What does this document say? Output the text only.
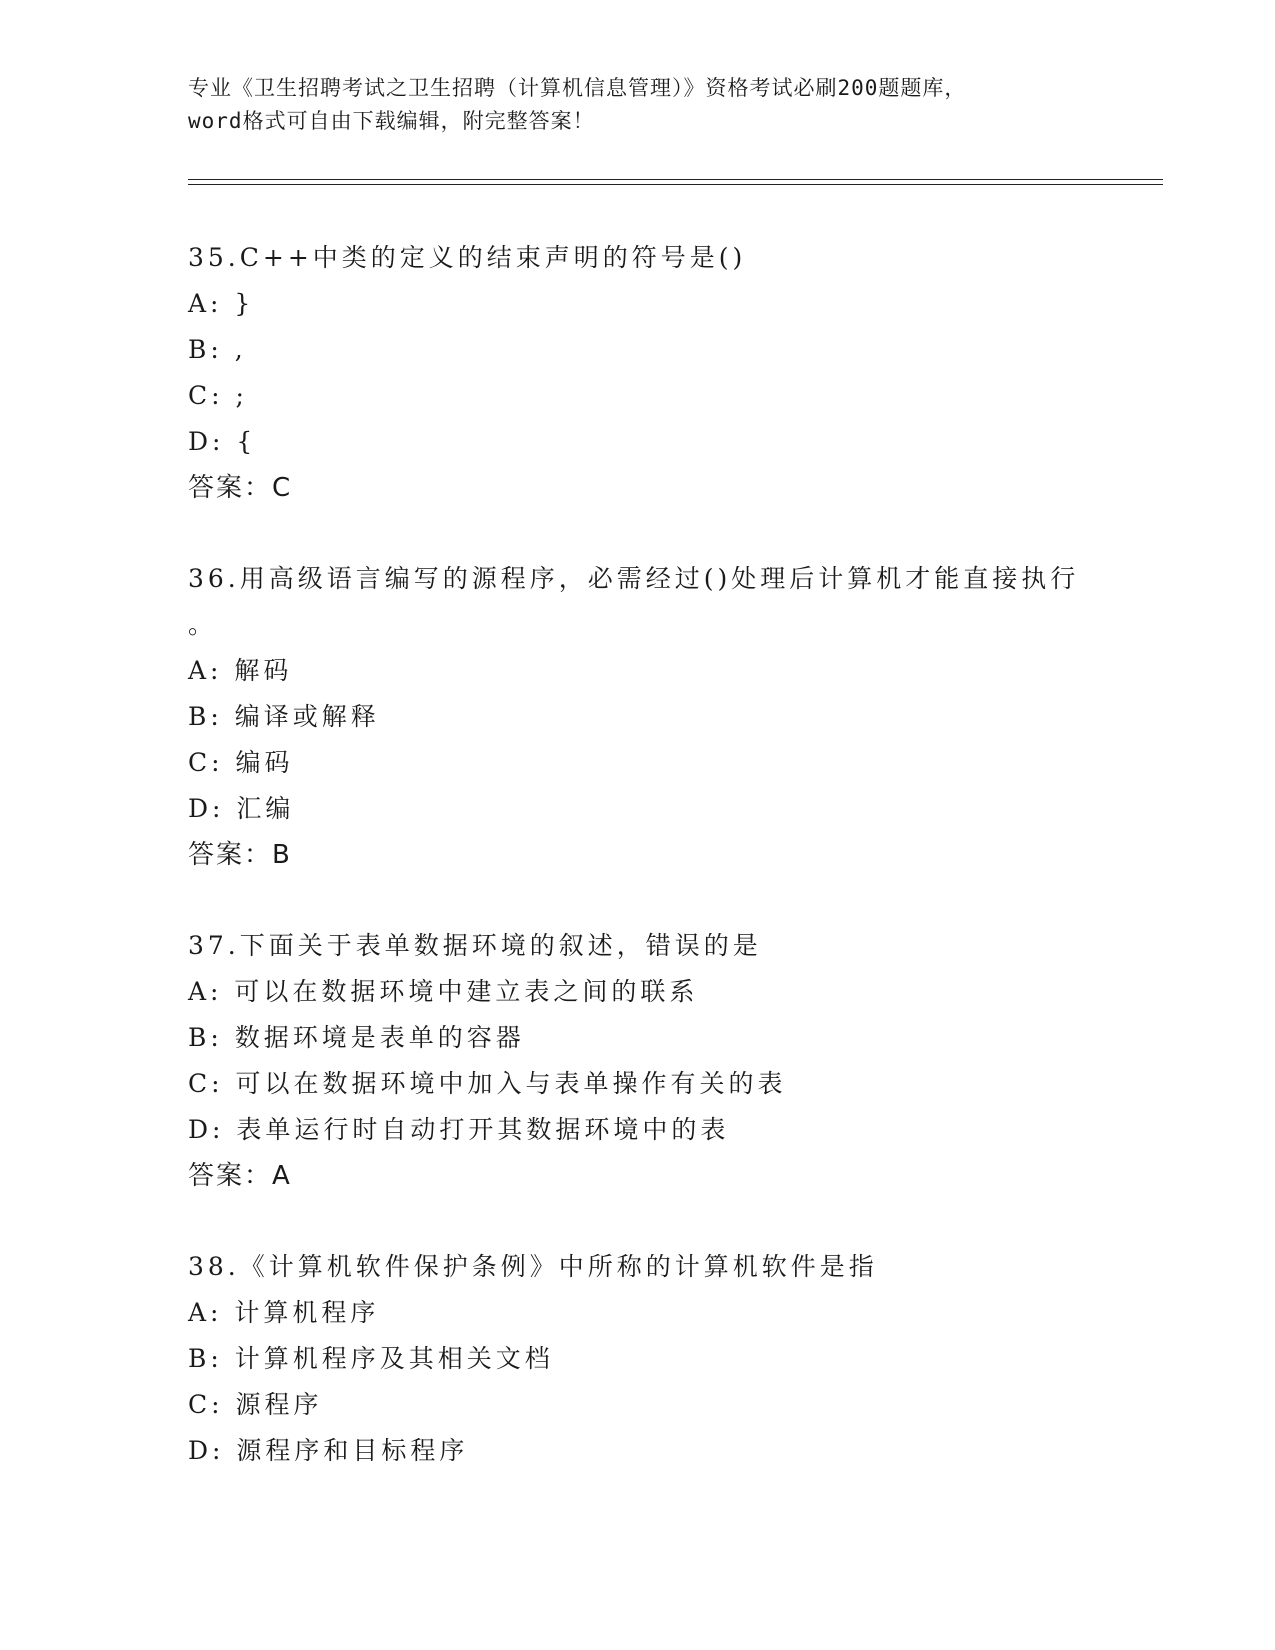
专业《卫生招聘考试之卫生招聘（计算机信息管理）》资格考试必刷200题题库，
word格式可自由下载编辑，附完整答案！
35.C++中类的定义的结束声明的符号是()
A: }
B: ,
C: ;
D: {
答案：C
36.用高级语言编写的源程序，必需经过()处理后计算机才能直接执行
。
A: 解码
B: 编译或解释
C: 编码
D: 汇编
答案：B
37.下面关于表单数据环境的叙述，错误的是
A: 可以在数据环境中建立表之间的联系
B: 数据环境是表单的容器
C: 可以在数据环境中加入与表单操作有关的表
D: 表单运行时自动打开其数据环境中的表
答案：A
38.《计算机软件保护条例》中所称的计算机软件是指
A: 计算机程序
B: 计算机程序及其相关文档
C: 源程序
D: 源程序和目标程序
